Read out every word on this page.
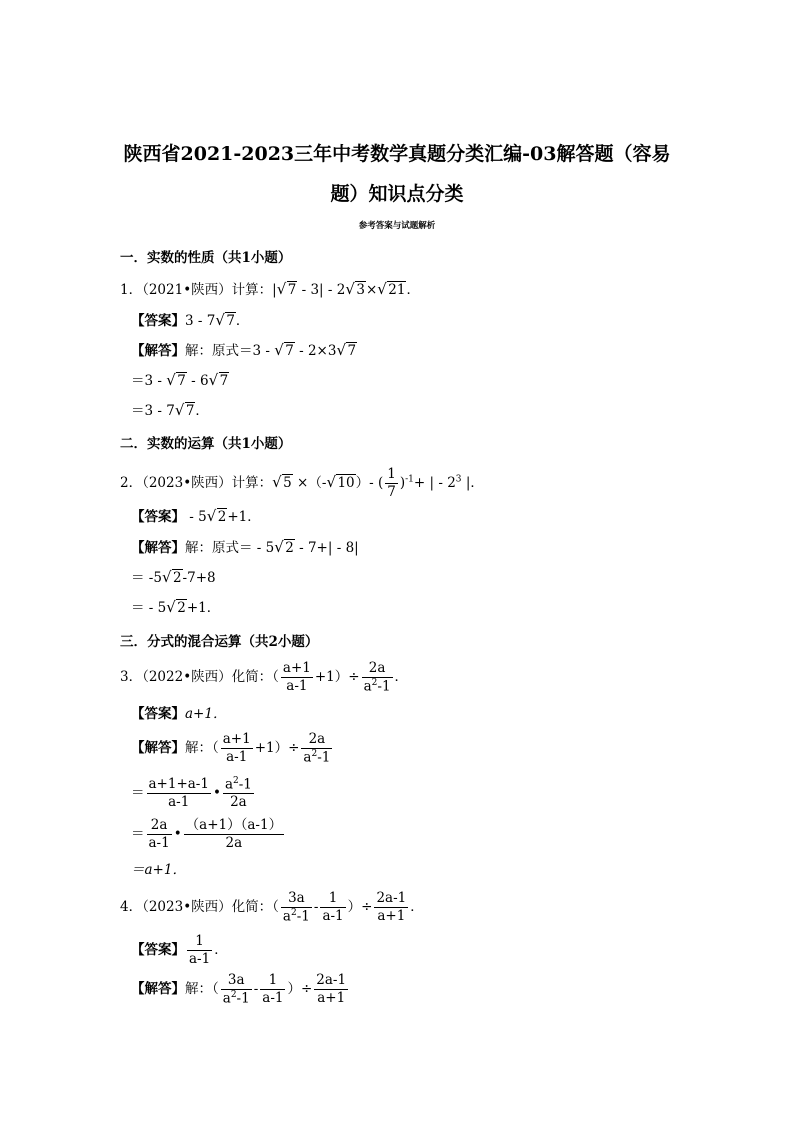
陕西省2021-2023三年中考数学真题分类汇编-03解答题（容易
题）知识点分类
参考答案与试题解析
一．实数的性质（共1小题）
1．（2021•陕西）计算：| √ 7 - 3| - 2 √ 3× √ 21．
【答案】3 - 7 √ 7．
【解答】解：原式＝3 - √ 7 - 2×3 √ 7
＝3 - √ 7 - 6 √ 7
＝3 - 7 √ 7．
二．实数的运算（共1小题）
2．（2023•陕西）计算： √ 5 ×（- √ 10）- ( $\frac{1}{7} )^{-1}+$ | - $2^3$ |．
【答案】 - 5 √ 2+1．
【解答】解：原式＝ - 5 √ 2 - 7+| - 8|
＝ -5 √ 2-7+8
＝ - 5 √ 2+1．
三．分式的混合运算（共2小题）
3．（2022•陕西）化简：（ $\frac{a+1}{a-1} +1)\div \frac{2a}{a^2-1}$ ．
【答案】a+1．
【解答】解：（ $\frac{a+1}{a-1} +1)\div \frac{2a}{a^2-1}$
＝ $\frac{a+1+a-1}{a-1}$ • $\frac{a^2-1}{2a}$
＝ $\frac{2a}{a-1}$ • $\frac{(a+1)(a-1)}{2a}$
＝a+1．
4．（2023•陕西）化简：（ $\frac{3a}{a^2-1} - \frac{1}{a-1}$ ）÷ $\frac{2a-1}{a+1}$ ．
【答案】 $\frac{1}{a-1}$ ．
【解答】解：（ $\frac{3a}{a^2-1} - \frac{1}{a-1}$ ）÷ $\frac{2a-1}{a+1}$
